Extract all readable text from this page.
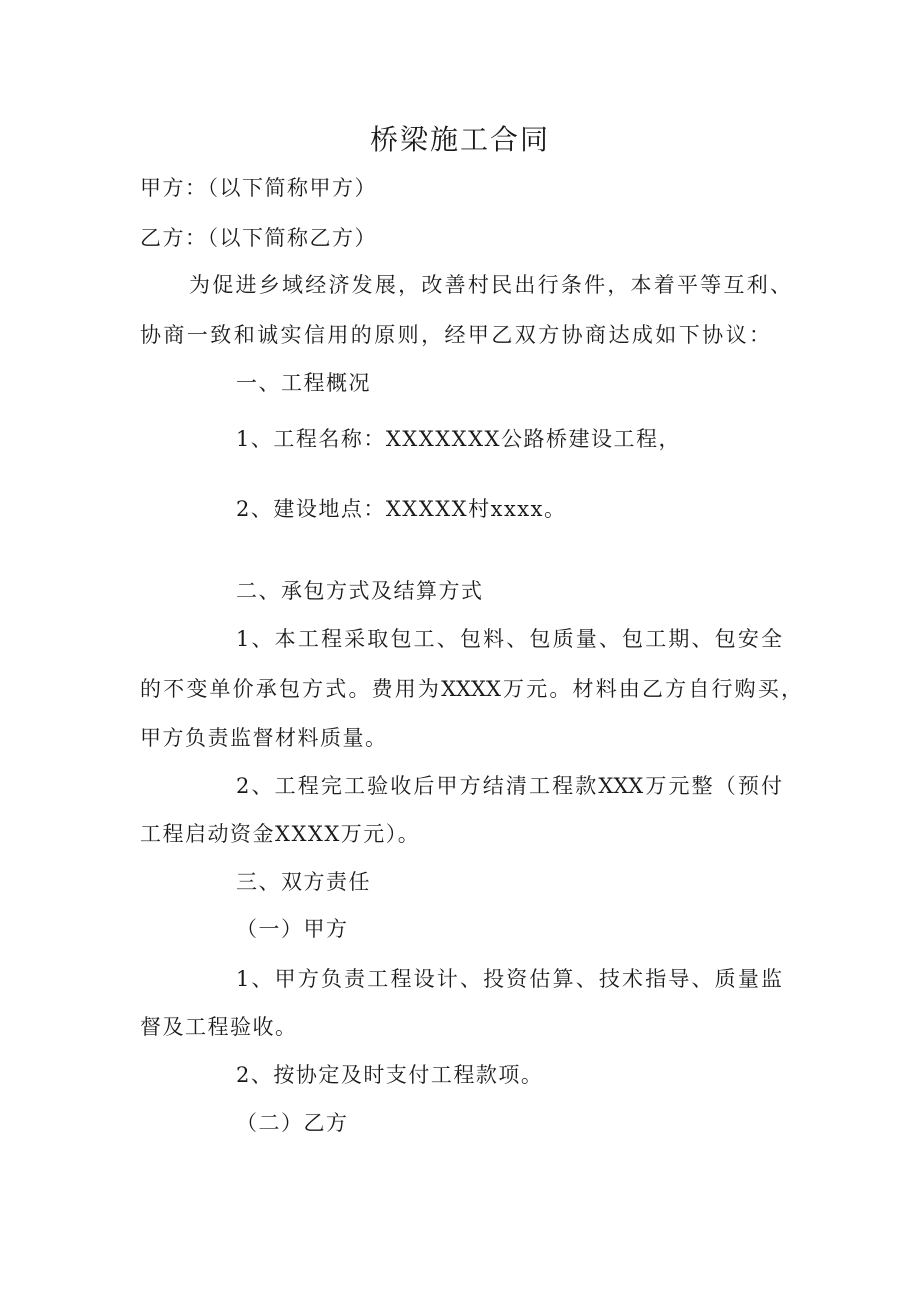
桥梁施工合同
甲方：（以下简称甲方）
乙方：（以下简称乙方）
为促进乡域经济发展，改善村民出行条件，本着平等互利、
协商一致和诚实信用的原则，经甲乙双方协商达成如下协议：
一、工程概况
1、工程名称：XXXXXXX公路桥建设工程，
2、建设地点：XXXXX村xxxx。
二、承包方式及结算方式
1、本工程采取包工、包料、包质量、包工期、包安全
的不变单价承包方式。费用为XXXX万元。材料由乙方自行购买，
甲方负责监督材料质量。
2、工程完工验收后甲方结清工程款XXX万元整（预付
工程启动资金XXXX万元）。
三、双方责任
（一）甲方
1、甲方负责工程设计、投资估算、技术指导、质量监
督及工程验收。
2、按协定及时支付工程款项。
（二）乙方
